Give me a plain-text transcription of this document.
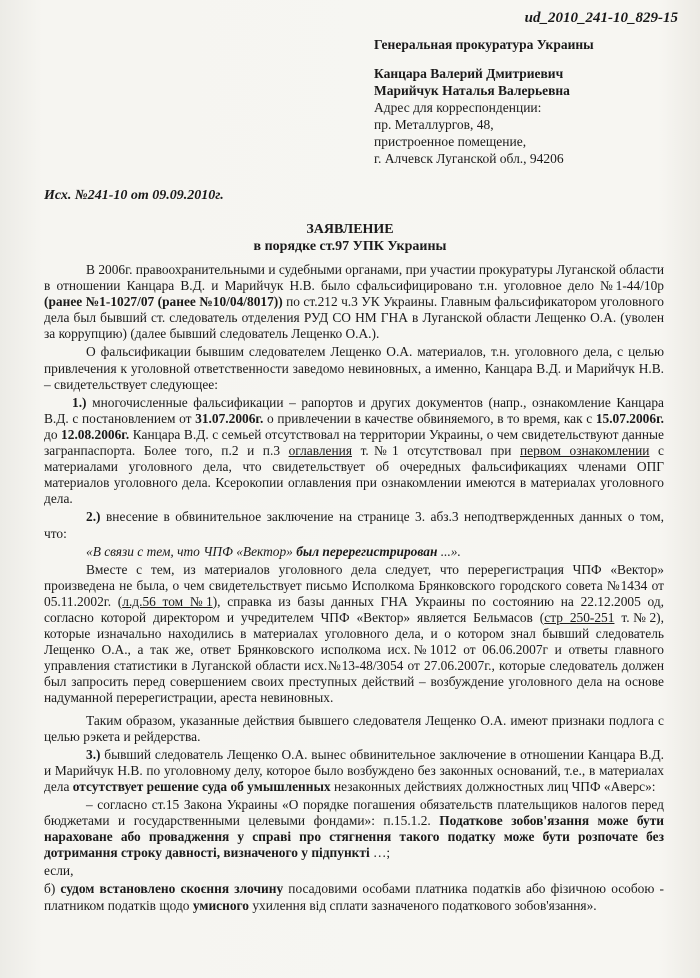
ud_2010_241-10_829-15
Генеральная прокуратура Украины
Канцара Валерий Дмитриевич
Марийчук Наталья Валерьевна
Адрес для корреспонденции:
пр. Металлургов, 48,
пристроенное помещение,
г. Алчевск Луганской обл., 94206
Исх. №241-10 от 09.09.2010г.
ЗАЯВЛЕНИЕ
в порядке ст.97 УПК Украины

В 2006г. правоохранительными и судебными органами, при участии прокуратуры Луганской области в отношении Канцара В.Д. и Марийчук Н.В. было сфальсифицировано т.н. уголовное дело №1-44/10р (ранее №1-1027/07 (ранее №10/04/8017)) по ст.212 ч.3 УК Украины. Главным фальсификатором уголовного дела был бывший ст. следователь отделения РУД СО НМ ГНА в Луганской области Лещенко О.А. (уволен за коррупцию) (далее бывший следователь Лещенко О.А.).

О фальсификации бывшим следователем Лещенко О.А. материалов, т.н. уголовного дела, с целью привлечения к уголовной ответственности заведомо невиновных, а именно, Канцара В.Д. и Марийчук Н.В. – свидетельствует следующее:

1.) многочисленные фальсификации – рапортов и других документов (напр., ознакомление Канцара В.Д. с постановлением от 31.07.2006г. о привлечении в качестве обвиняемого, в то время, как с 15.07.2006г. до 12.08.2006г. Канцара В.Д. с семьей отсутствовал на территории Украины, о чем свидетельствуют данные загранпаспорта. Более того, п.2 и п.3 оглавления т.№1 отсутствовал при первом ознакомлении с материалами уголовного дела, что свидетельствует об очередных фальсификациях членами ОПГ материалов уголовного дела. Ксерокопии оглавления при ознакомлении имеются в материалах уголовного дела.

2.) внесение в обвинительное заключение на странице 3. абз.3 неподтвержденных данных о том, что:

«В связи с тем, что ЧПФ «Вектор» был перерегистрирован ...».

Вместе с тем, из материалов уголовного дела следует, что перерегистрация ЧПФ «Вектор» произведена не была, о чем свидетельствует письмо Исполкома Брянковского городского совета №1434 от 05.11.2002г. (л.д.56 том №1), справка из базы данных ГНА Украины по состоянию на 22.12.2005 од, согласно которой директором и учредителем ЧПФ «Вектор» является Бельмасов (стр 250-251 т.№2), которые изначально находились в материалах уголовного дела, и о котором знал бывший следователь Лещенко О.А., а так же, ответ Брянковского исполкома исх.№1012 от 06.06.2007г и ответы главного управления статистики в Луганской области исх.№13-48/3054 от 27.06.2007г., которые следователь должен был запросить перед совершением своих преступных действий – возбуждение уголовного дела на основе надуманной перерегистрации, ареста невиновных.

Таким образом, указанные действия бывшего следователя Лещенко О.А. имеют признаки подлога с целью рэкета и рейдерства.

3.) бывший следователь Лещенко О.А. вынес обвинительное заключение в отношении Канцара В.Д. и Марийчук Н.В. по уголовному делу, которое было возбуждено без законных оснований, т.е., в материалах дела отсутствует решение суда об умышленных незаконных действиях должностных лиц ЧПФ «Аверс»:

– согласно ст.15 Закона Украины «О порядке погашения обязательств плательщиков налогов перед бюджетами и государственными целевыми фондами»: п.15.1.2. Податкове зобов'язання може бути нараховане або провадження у справі про стягнення такого податку може бути розпочате без дотримання строку давності, визначеного у підпункті …;

если,

б) судом встановлено скоєння злочину посадовими особами платника податків або фізичною особою - платником податків щодо умисного ухилення від сплати зазначеного податкового зобов'язання».
